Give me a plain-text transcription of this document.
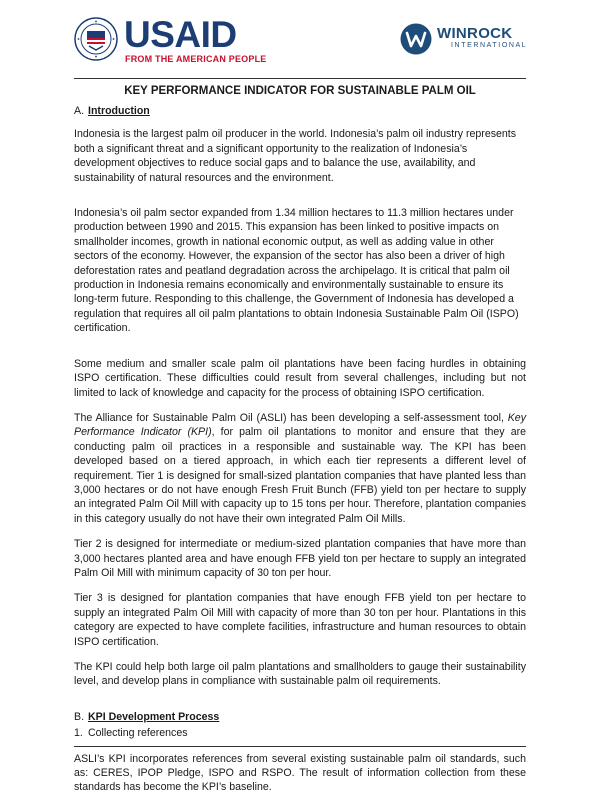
USAID
FROM THE AMERICAN PEOPLE
WINROCK
INTERNATIONAL
KEY PERFORMANCE INDICATOR FOR SUSTAINABLE PALM OIL
A. Introduction

Indonesia is the largest palm oil producer in the world. Indonesia’s palm oil industry represents both a significant threat and a significant opportunity to the realization of Indonesia’s development objectives to reduce social gaps and to balance the use, availability, and sustainability of natural resources and the environment.

Indonesia’s oil palm sector expanded from 1.34 million hectares to 11.3 million hectares under production between 1990 and 2015. This expansion has been linked to positive impacts on smallholder incomes, growth in national economic output, as well as adding value in other sectors of the economy. However, the expansion of the sector has also been a driver of high deforestation rates and peatland degradation across the archipelago. It is critical that palm oil production in Indonesia remains economically and environmentally sustainable to ensure its long-term future. Responding to this challenge, the Government of Indonesia has developed a regulation that requires all oil palm plantations to obtain Indonesia Sustainable Palm Oil (ISPO) certification.

Some medium and smaller scale palm oil plantations have been facing hurdles in obtaining ISPO certification. These difficulties could result from several challenges, including but not limited to lack of knowledge and capacity for the process of obtaining ISPO certification.

The Alliance for Sustainable Palm Oil (ASLI) has been developing a self-assessment tool, Key Performance Indicator (KPI), for palm oil plantations to monitor and ensure that they are conducting palm oil practices in a responsible and sustainable way. The KPI has been developed based on a tiered approach, in which each tier represents a different level of requirement. Tier 1 is designed for small-sized plantation companies that have planted less than 3,000 hectares or do not have enough Fresh Fruit Bunch (FFB) yield ton per hectare to supply an integrated Palm Oil Mill with capacity up to 15 tons per hour. Therefore, plantation companies in this category usually do not have their own integrated Palm Oil Mills.

Tier 2 is designed for intermediate or medium-sized plantation companies that have more than 3,000 hectares planted area and have enough FFB yield ton per hectare to supply an integrated Palm Oil Mill with minimum capacity of 30 ton per hour.

Tier 3 is designed for plantation companies that have enough FFB yield ton per hectare to supply an integrated Palm Oil Mill with capacity of more than 30 ton per hour. Plantations in this category are expected to have complete facilities, infrastructure and human resources to obtain ISPO certification.

The KPI could help both large oil palm plantations and smallholders to gauge their sustainability level, and develop plans in compliance with sustainable palm oil requirements.

B. KPI Development Process
1. Collecting references

ASLI’s KPI incorporates references from several existing sustainable palm oil standards, such as: CERES, IPOP Pledge, ISPO and RSPO. The result of information collection from these standards has become the KPI’s baseline.
